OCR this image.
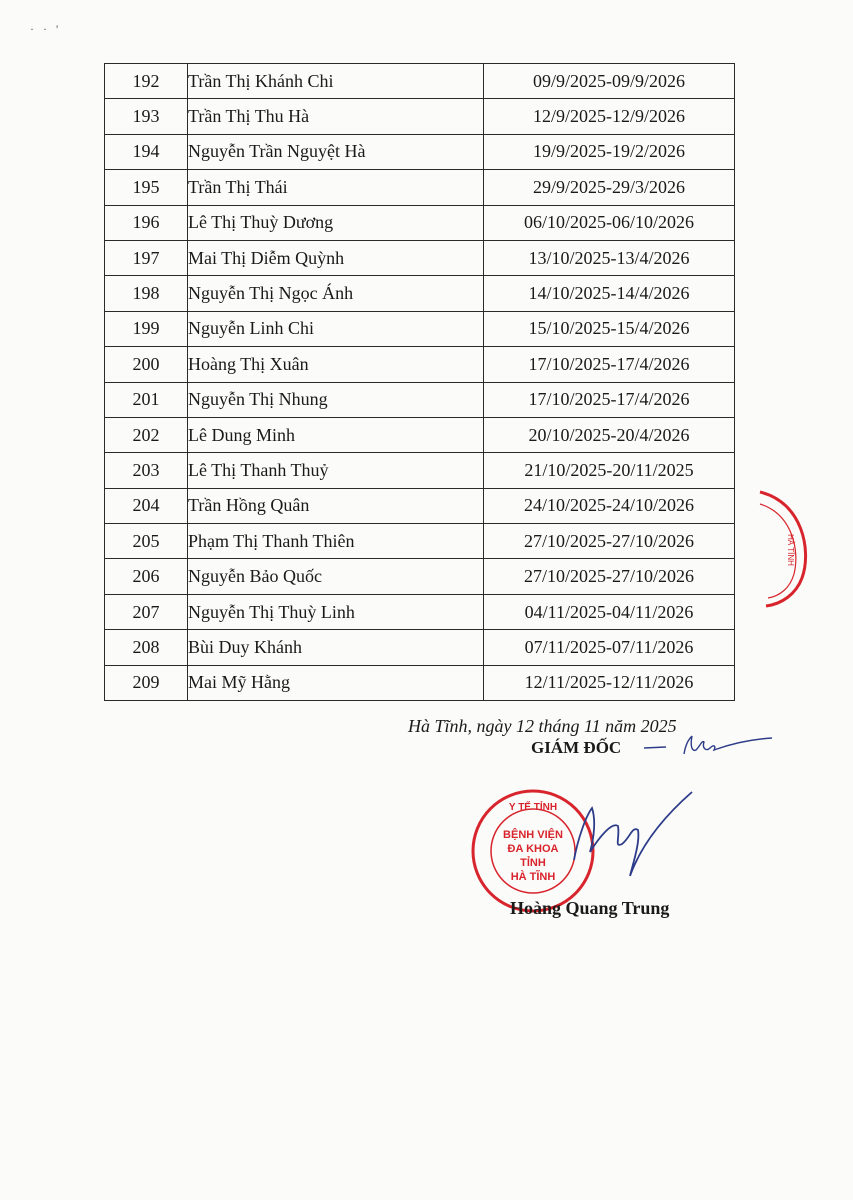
· · '
192	Trần Thị Khánh Chi	09/9/2025-09/9/2026
193	Trần Thị Thu Hà	12/9/2025-12/9/2026
194	Nguyễn Trần Nguyệt Hà	19/9/2025-19/2/2026
195	Trần Thị Thái	29/9/2025-29/3/2026
196	Lê Thị Thuỳ Dương	06/10/2025-06/10/2026
197	Mai Thị Diễm Quỳnh	13/10/2025-13/4/2026
198	Nguyễn Thị Ngọc Ánh	14/10/2025-14/4/2026
199	Nguyễn Linh Chi	15/10/2025-15/4/2026
200	Hoàng Thị Xuân	17/10/2025-17/4/2026
201	Nguyễn Thị Nhung	17/10/2025-17/4/2026
202	Lê Dung Minh	20/10/2025-20/4/2026
203	Lê Thị Thanh Thuỷ	21/10/2025-20/11/2025
204	Trần Hồng Quân	24/10/2025-24/10/2026
205	Phạm Thị Thanh Thiên	27/10/2025-27/10/2026
206	Nguyễn Bảo Quốc	27/10/2025-27/10/2026
207	Nguyễn Thị Thuỳ Linh	04/11/2025-04/11/2026
208	Bùi Duy Khánh	07/11/2025-07/11/2026
209	Mai Mỹ Hằng	12/11/2025-12/11/2026
Hà Tĩnh, ngày 12 tháng 11 năm 2025
GIÁM ĐỐC
Y TẾ TỈNH
BỆNH VIỆN
ĐA KHOA
TỈNH
HÀ TĨNH
Hoàng Quang Trung
HÀ TĨNH
